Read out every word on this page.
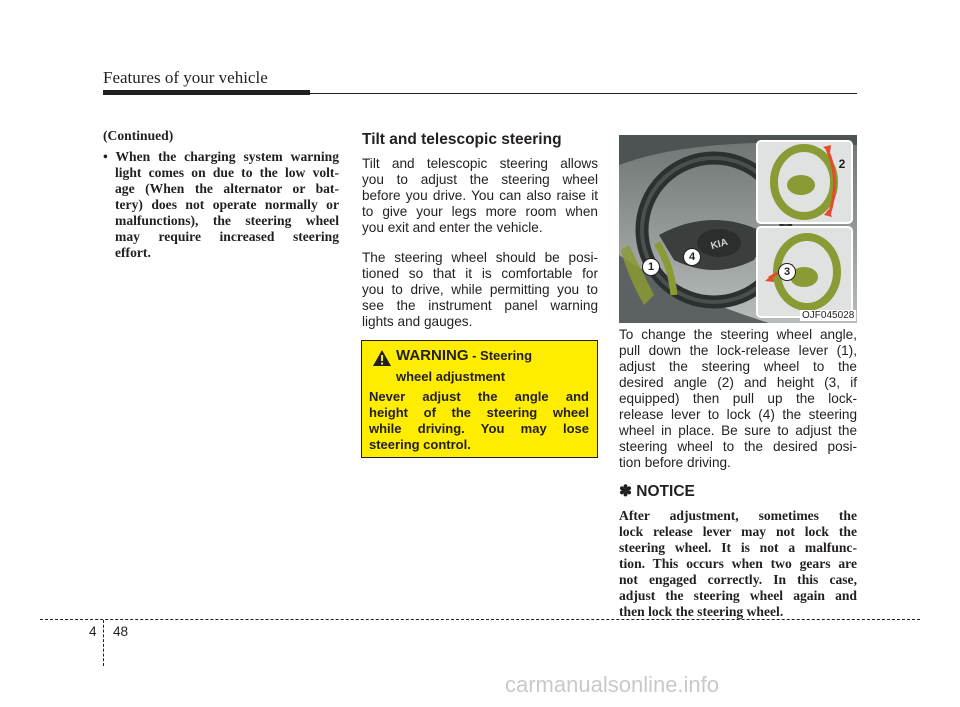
Features of your vehicle
(Continued)
• When the charging system warning
light comes on due to the low volt-
age (When the alternator or bat-
tery) does not operate normally or
malfunctions), the steering wheel
may require increased steering
effort.
Tilt and telescopic steering
Tilt and telescopic steering allows
you to adjust the steering wheel
before you drive. You can also raise it
to give your legs more room when
you exit and enter the vehicle.
The steering wheel should be posi-
tioned so that it is comfortable for
you to drive, while permitting you to
see the instrument panel warning
lights and gauges.
WARNING - Steering
wheel adjustment
Never adjust the angle and
height of the steering wheel
while driving. You may lose
steering control.
KIA
1
2
3
4
OJF045028
To change the steering wheel angle,
pull down the lock-release lever (1),
adjust the steering wheel to the
desired angle (2) and height (3, if
equipped) then pull up the lock-
release lever to lock (4) the steering
wheel in place. Be sure to adjust the
steering wheel to the desired posi-
tion before driving.
✽ NOTICE
After adjustment, sometimes the
lock release lever may not lock the
steering wheel. It is not a malfunc-
tion. This occurs when two gears are
not engaged correctly. In this case,
adjust the steering wheel again and
then lock the steering wheel.
4 48
carmanualsonline.info
